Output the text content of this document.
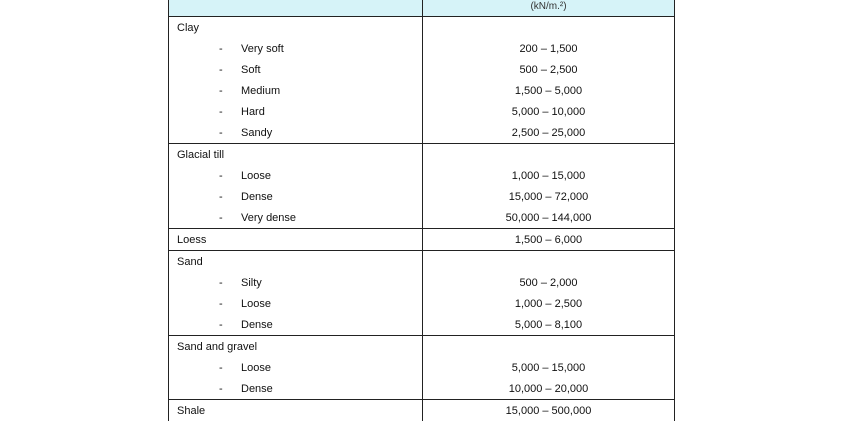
	(kN/m.²)
Clay	

- Very soft	200 – 1,500

- Soft	500 – 2,500

- Medium	1,500 – 5,000

- Hard	5,000 – 10,000

- Sandy	2,500 – 25,000
Glacial till	

- Loose	1,000 – 15,000

- Dense	15,000 – 72,000

- Very dense	50,000 – 144,000
Loess	1,500 – 6,000
Sand	

- Silty	500 – 2,000

- Loose	1,000 – 2,500

- Dense	5,000 – 8,100
Sand and gravel	

- Loose	5,000 – 15,000

- Dense	10,000 – 20,000
Shale	15,000 – 500,000
